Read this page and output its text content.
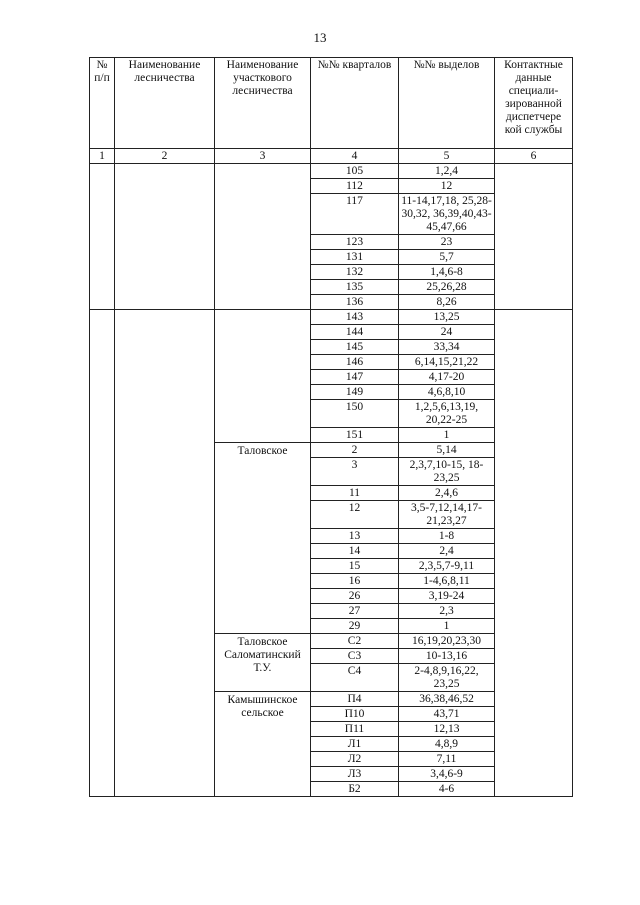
13
№ п/п	Наименование лесничества	Наименование участкового лесничества	№№ кварталов	№№ выделов	Контактные данные специали- зированной диспетчере кой службы
1	2	3	4	5	6
			105	1,2,4	
			112	12	
			117	11-14,17,18, 25,28-30,32, 36,39,40,43- 45,47,66	
			123	23	
			131	5,7	
			132	1,4,6-8	
			135	25,26,28	
			136	8,26	
			143	13,25	
			144	24	
			145	33,34	
			146	6,14,15,21,22	
			147	4,17-20	
			149	4,6,8,10	
			150	1,2,5,6,13,19, 20,22-25	
			151	1	
		Таловское	2	5,14	
			3	2,3,7,10-15, 18- 23,25	
			11	2,4,6	
			12	3,5-7,12,14,17- 21,23,27	
			13	1-8	
			14	2,4	
			15	2,3,5,7-9,11	
			16	1-4,6,8,11	
			26	3,19-24	
			27	2,3	
			29	1	
		Таловское Саломатинский Т.У.	С2	16,19,20,23,30	
			С3	10-13,16	
			С4	2-4,8,9,16,22, 23,25	
		Камышинское сельское	П4	36,38,46,52	
			П10	43,71	
			П11	12,13	
			Л1	4,8,9	
			Л2	7,11	
			Л3	3,4,6-9	
			Б2	4-6	
